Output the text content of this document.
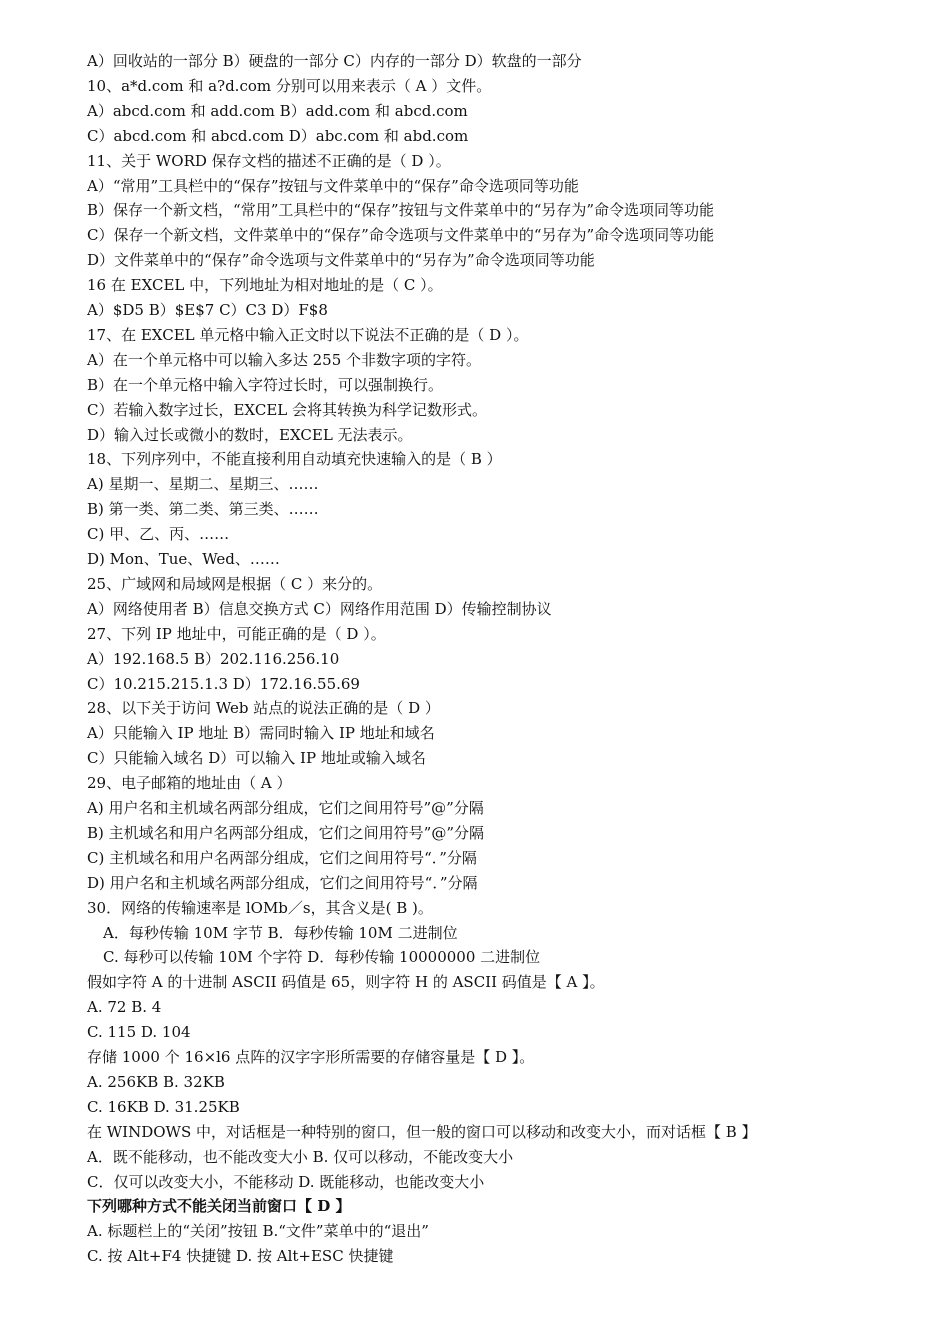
A）回收站的一部分 B）硬盘的一部分 C）内存的一部分 D）软盘的一部分
10、a*d.com 和 a?d.com 分别可以用来表示（ A ）文件。
A）abcd.com 和 add.com B）add.com 和 abcd.com
C）abcd.com 和 abcd.com D）abc.com 和 abd.com
11、关于 WORD 保存文档的描述不正确的是（ D ）。
A）“常用”工具栏中的“保存”按钮与文件菜单中的“保存”命令选项同等功能
B）保存一个新文档，“常用”工具栏中的“保存”按钮与文件菜单中的“另存为”命令选项同等功能
C）保存一个新文档，文件菜单中的“保存”命令选项与文件菜单中的“另存为”命令选项同等功能
D）文件菜单中的“保存”命令选项与文件菜单中的“另存为”命令选项同等功能
16 在 EXCEL 中，下列地址为相对地址的是（ C ）。
A）$D5 B）$E$7 C）C3 D）F$8
17、在 EXCEL 单元格中输入正文时以下说法不正确的是（ D ）。
A）在一个单元格中可以输入多达 255 个非数字项的字符。
B）在一个单元格中输入字符过长时，可以强制换行。
C）若输入数字过长，EXCEL 会将其转换为科学记数形式。
D）输入过长或微小的数时，EXCEL 无法表示。
18、下列序列中，不能直接利用自动填充快速输入的是（ B ）
A) 星期一、星期二、星期三、……
B) 第一类、第二类、第三类、……
C) 甲、乙、丙、……
D) Mon、Tue、Wed、……
25、广域网和局域网是根据（ C ）来分的。
A）网络使用者 B）信息交换方式 C）网络作用范围 D）传输控制协议
27、下列 IP 地址中，可能正确的是（ D ）。
A）192.168.5 B）202.116.256.10
C）10.215.215.1.3 D）172.16.55.69
28、以下关于访问 Web 站点的说法正确的是（ D ）
A）只能输入 IP 地址 B）需同时输入 IP 地址和域名
C）只能输入域名 D）可以输入 IP 地址或输入域名
29、电子邮箱的地址由（ A ）
A) 用户名和主机域名两部分组成，它们之间用符号”@”分隔
B) 主机域名和用户名两部分组成，它们之间用符号”@”分隔
C) 主机域名和用户名两部分组成，它们之间用符号“．”分隔
D) 用户名和主机域名两部分组成，它们之间用符号“．”分隔
30．网络的传输速率是 lOMb／s，其含义是( B )。
A．每秒传输 10M 字节 B．每秒传输 10M 二进制位
C. 每秒可以传输 10M 个字符 D．每秒传输 10000000 二进制位
假如字符 A 的十进制 ASCII 码值是 65，则字符 H 的 ASCII 码值是【 A 】。
A. 72 B. 4
C. 115 D. 104
存储 1000 个 16×l6 点阵的汉字字形所需要的存储容量是【 D 】。
A. 256KB B. 32KB
C. 16KB D. 31.25KB
在 WINDOWS 中，对话框是一种特别的窗口，但一般的窗口可以移动和改变大小，而对话框【 B 】
A．既不能移动，也不能改变大小 B. 仅可以移动，不能改变大小
C．仅可以改变大小，不能移动 D. 既能移动，也能改变大小
下列哪种方式不能关闭当前窗口【 D 】
A. 标题栏上的“关闭”按钮 B.“文件”菜单中的“退出”
C. 按 Alt+F4 快捷键 D. 按 Alt+ESC 快捷键
